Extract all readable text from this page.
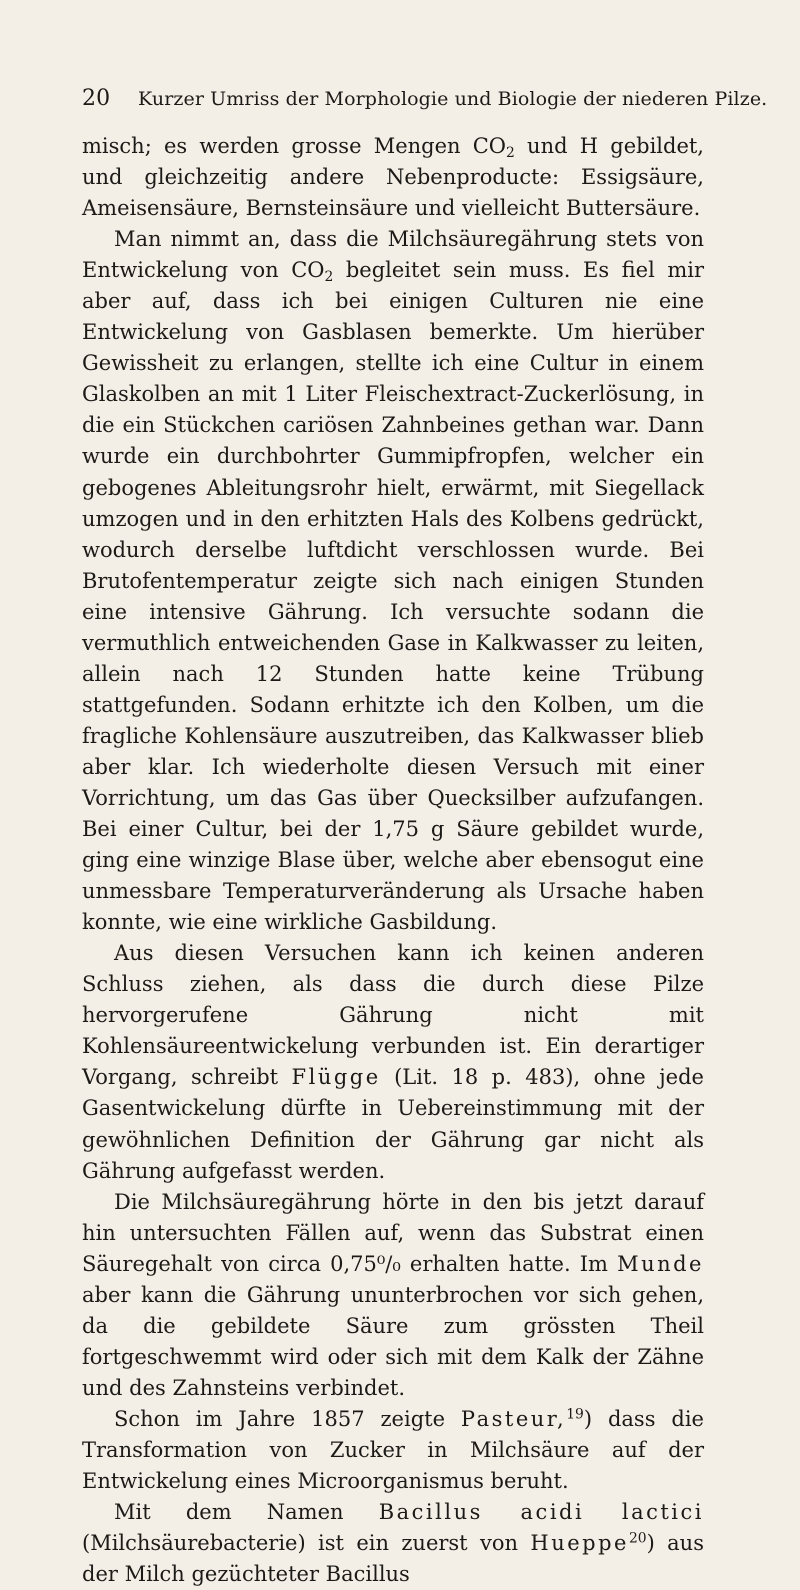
20 Kurzer Umriss der Morphologie und Biologie der niederen Pilze.

misch; es werden grosse Mengen $CO_2$ und H gebildet, und gleichzeitig andere Nebenproducte: Essigsäure, Ameisensäure, Bernsteinsäure und vielleicht Buttersäure.

Man nimmt an, dass die Milchsäuregährung stets von Entwickelung von $CO_2$ begleitet sein muss. Es fiel mir aber auf, dass ich bei einigen Culturen nie eine Entwickelung von Gasblasen bemerkte. Um hierüber Gewissheit zu erlangen, stellte ich eine Cultur in einem Glaskolben an mit 1 Liter Fleischextract-Zuckerlösung, in die ein Stückchen cariösen Zahnbeines gethan war. Dann wurde ein durchbohrter Gummipfropfen, welcher ein gebogenes Ableitungsrohr hielt, erwärmt, mit Siegellack umzogen und in den erhitzten Hals des Kolbens gedrückt, wodurch derselbe luftdicht verschlossen wurde. Bei Brutofentemperatur zeigte sich nach einigen Stunden eine intensive Gährung. Ich versuchte sodann die vermuthlich entweichenden Gase in Kalkwasser zu leiten, allein nach 12 Stunden hatte keine Trübung stattgefunden. Sodann erhitzte ich den Kolben, um die fragliche Kohlensäure auszutreiben, das Kalkwasser blieb aber klar. Ich wiederholte diesen Versuch mit einer Vorrichtung, um das Gas über Quecksilber aufzufangen. Bei einer Cultur, bei der 1,75 g Säure gebildet wurde, ging eine winzige Blase über, welche aber ebensogut eine unmessbare Temperaturveränderung als Ursache haben konnte, wie eine wirkliche Gasbildung.

Aus diesen Versuchen kann ich keinen anderen Schluss ziehen, als dass die durch diese Pilze hervorgerufene Gährung nicht mit Kohlensäureentwickelung verbunden ist. Ein derartiger Vorgang, schreibt Flügge (Lit. 18 p. 483), ohne jede Gasentwickelung dürfte in Uebereinstimmung mit der gewöhnlichen Definition der Gährung gar nicht als Gährung aufgefasst werden.

Die Milchsäuregährung hörte in den bis jetzt darauf hin untersuchten Fällen auf, wenn das Substrat einen Säuregehalt von circa 0,75⁰/₀ erhalten hatte. Im Munde aber kann die Gährung ununterbrochen vor sich gehen, da die gebildete Säure zum grössten Theil fortgeschwemmt wird oder sich mit dem Kalk der Zähne und des Zahnsteins verbindet.

Schon im Jahre 1857 zeigte Pasteur,$^{19}$) dass die Transformation von Zucker in Milchsäure auf der Entwickelung eines Microorganismus beruht.

Mit dem Namen Bacillus acidi lactici (Milchsäurebacterie) ist ein zuerst von Hueppe$^{20}$) aus der Milch gezüchteter Bacillus
